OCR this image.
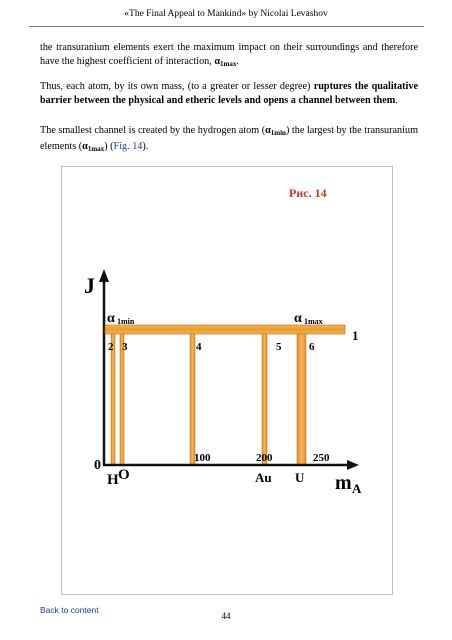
«The Final Appeal to Mankind» by Nicolai Levashov

the transuranium elements exert the maximum impact on their surroundings and therefore have the highest coefficient of interaction, $\alpha_{1max}$.

Thus, each atom, by its own mass, (to a greater or lesser degree) ruptures the qualitative barrier between the physical and etheric levels and opens a channel between them.

The smallest channel is created by the hydrogen atom $(\alpha_{1min})$ the largest by the transuranium elements $(\alpha_{1max})$ (Fig. 14).

Рис. 14
J
1
α 1min	α 1max
2 3	4	5	6
0	100	200	250
H O	Au U m A
Back to content
44
